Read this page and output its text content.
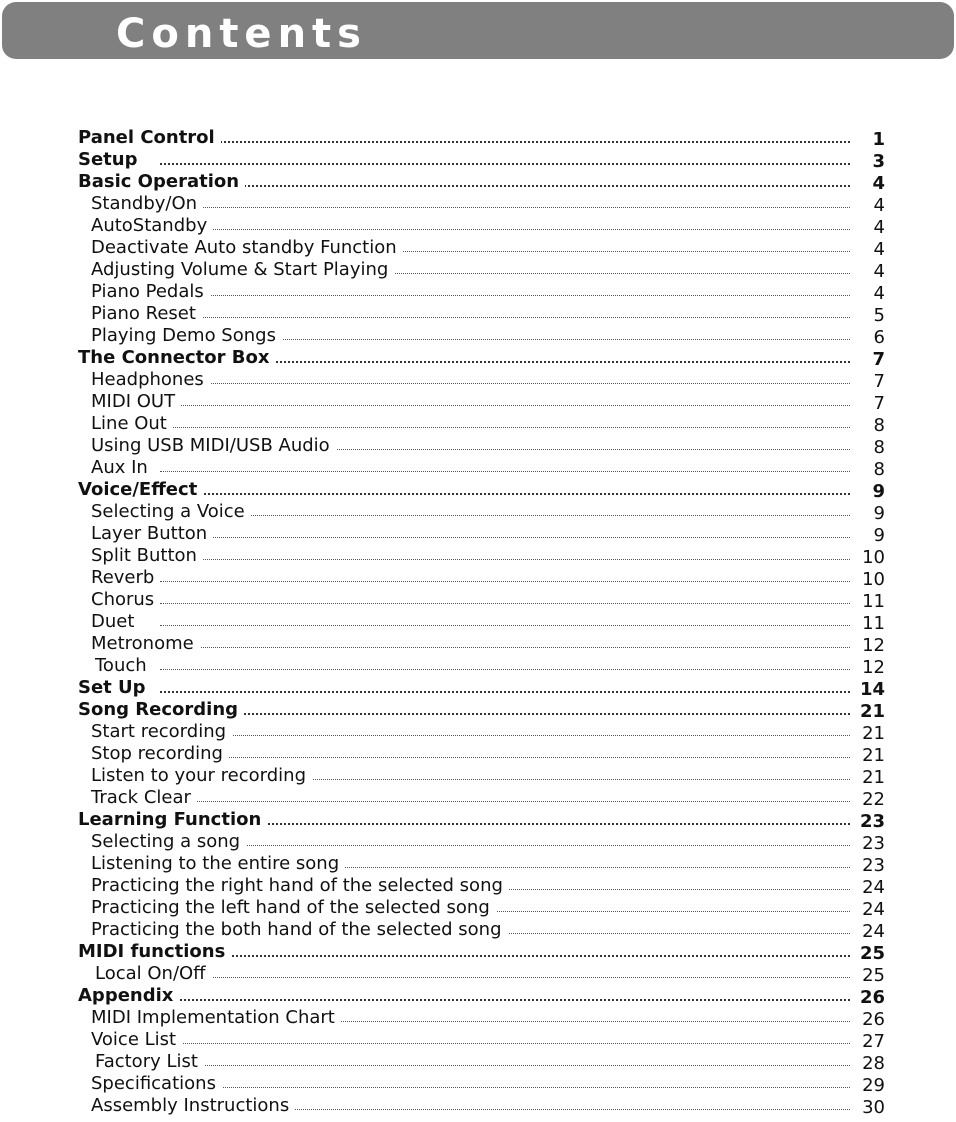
Contents
Panel Control	1
Setup	3
Basic Operation	4
Standby/On	4
AutoStandby	4
Deactivate Auto standby Function	4
Adjusting Volume & Start Playing	4
Piano Pedals	4
Piano Reset	5
Playing Demo Songs	6
The Connector Box	7
Headphones	7
MIDI OUT	7
Line Out	8
Using USB MIDI/USB Audio	8
Aux In	8
Voice/Effect	9
Selecting a Voice	9
Layer Button	9
Split Button	10
Reverb	10
Chorus	11
Duet	11
Metronome	12
Touch	12
Set Up	14
Song Recording	21
Start recording	21
Stop recording	21
Listen to your recording	21
Track Clear	22
Learning Function	23
Selecting a song	23
Listening to the entire song	23
Practicing the right hand of the selected song	24
Practicing the left hand of the selected song	24
Practicing the both hand of the selected song	24
MIDI functions	25
Local On/Off	25
Appendix	26
MIDI Implementation Chart	26
Voice List	27
Factory List	28
Specifications	29
Assembly Instructions	30
